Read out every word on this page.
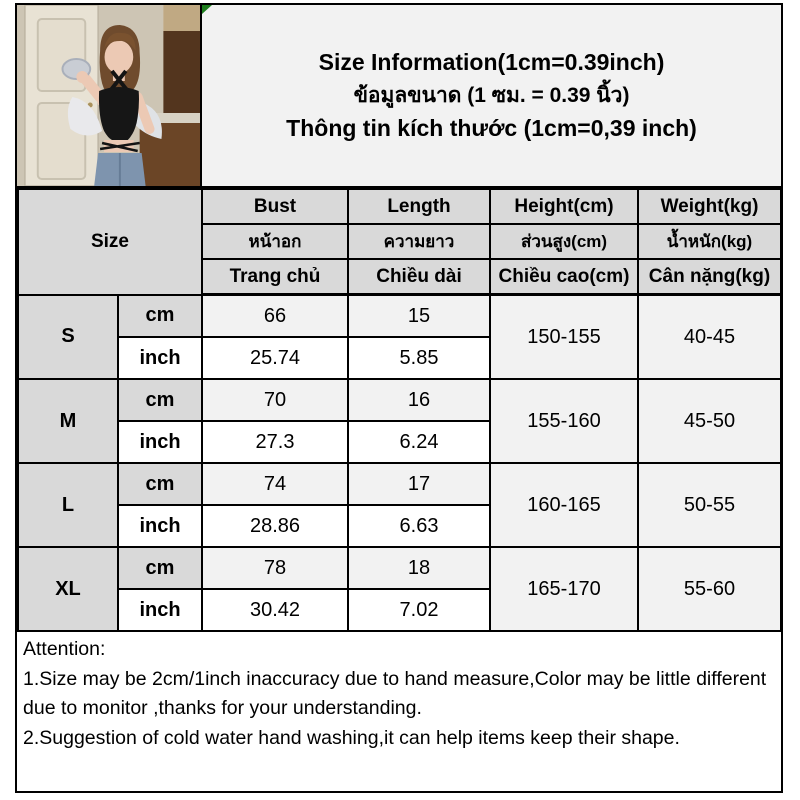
Size Information(1cm=0.39inch)
ข้อมูลขนาด (1 ซม. = 0.39 นิ้ว)
Thông tin kích thước (1cm=0,39 inch)
Size		Bust	Length	Height(cm)	Weight(kg)
		หน้าอก	ความยาว	ส่วนสูง(cm)	น้ำหนัก(kg)
		Trang chủ	Chiều dài	Chiều cao(cm)	Cân nặng(kg)
S	cm	66	15	150-155	40-45
	inch	25.74	5.85		
M	cm	70	16	155-160	45-50
	inch	27.3	6.24		
L	cm	74	17	160-165	50-55
	inch	28.86	6.63		
XL	cm	78	18	165-170	55-60
	inch	30.42	7.02		
Attention:
1.Size may be 2cm/1inch inaccuracy due to hand measure,Color may be little different
due to monitor ,thanks for your understanding.
2.Suggestion of cold water hand washing,it can help items keep their shape.
